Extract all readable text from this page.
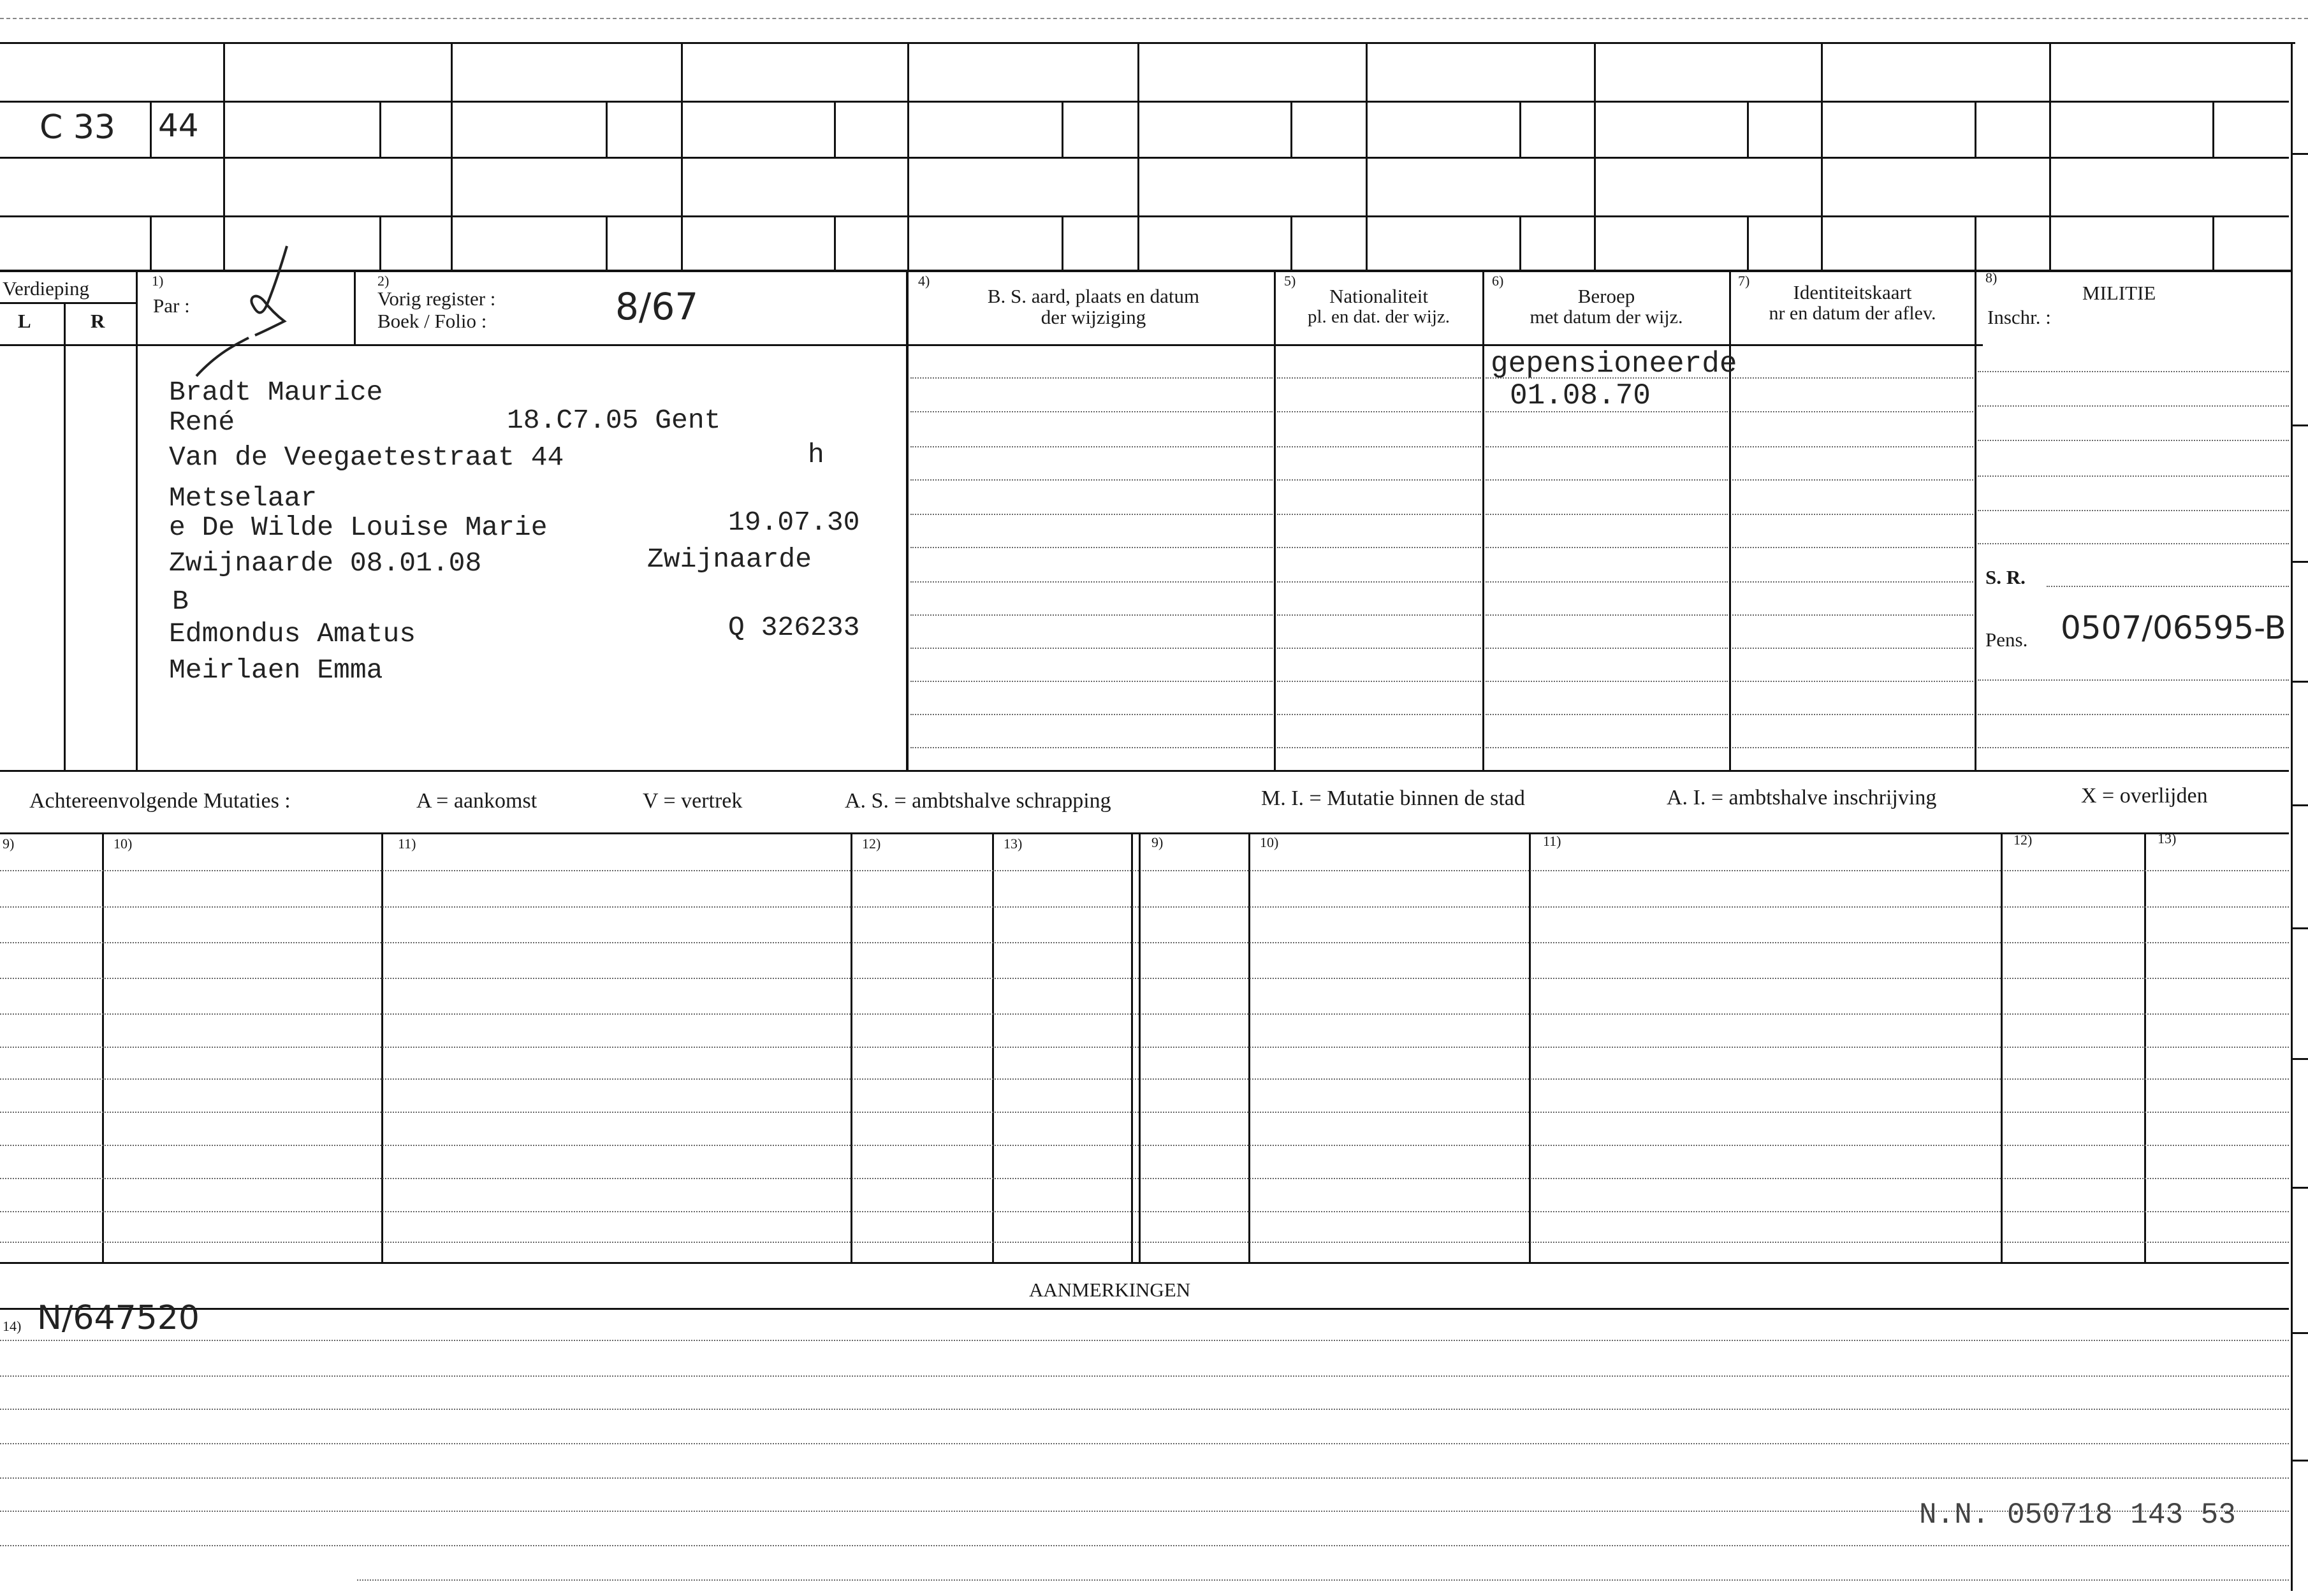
C 33 44
Verdieping
L	R
1)
Par :
2)
Vorig register :
Boek / Folio :	8/67
4)
B. S. aard, plaats en datum
der wijziging
5)
Nationaliteit
pl. en dat. der wijz.
6)
Beroep
met datum der wijz.
7)
Identiteitskaart
nr en datum der aflev.
8)
MILITIE
Inschr. :
Bradt Maurice
René	18.C7.05 Gent
Van de Veegaetestraat 44	h
Metselaar
e De Wilde Louise Marie	19.07.30
Zwijnaarde 08.01.08	Zwijnaarde
B
Edmondus Amatus	Q 326233
Meirlaen Emma
gepensioneerde
01.08.70
S. R.
Pens. 0507/06595-B
Achtereenvolgende Mutaties :	A = aankomst	V = vertrek	A. S. = ambtshalve schrapping	M. I. = Mutatie binnen de stad	A. I. = ambtshalve inschrijving	X = overlijden
9)	10)	11)	12)	13)	9)	10)	11)	12)	13)
AANMERKINGEN
14) N/647520
N.N. 050718 143 53
